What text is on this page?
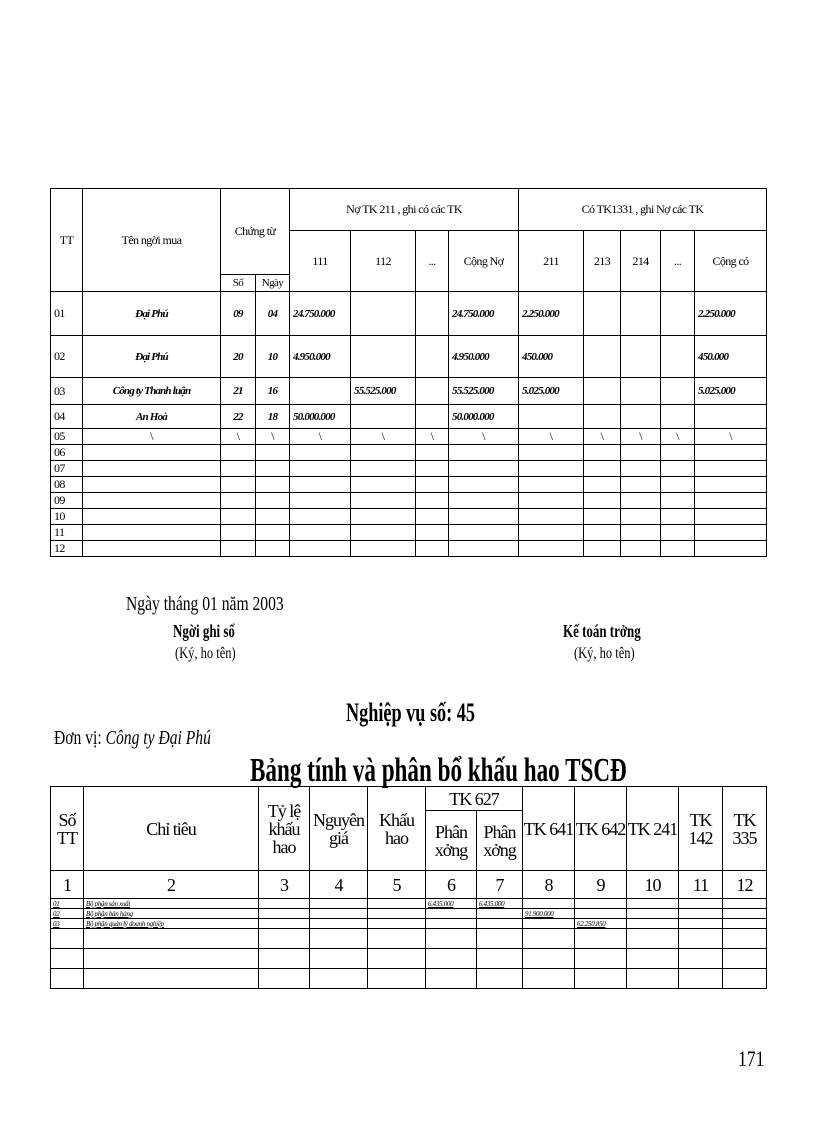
TT	Tên ngời mua	Chứng từ		Nợ TK 211 , ghi có các TK				Có TK1331 , ghi Nợ các TK				
				111	112	...	Cộng Nợ	211	213	214	...	Cộng có
		Số	Ngày									
01	Đại Phú	09	04	24.750.000			24.750.000	2.250.000				2.250.000
02	Đại Phú	20	10	4.950.000			4.950.000	450.000				450.000
03	Công ty Thanh luận	21	16		55.525.000		55.525.000	5.025.000				5.025.000
04	An Hoà	22	18	50.000.000			50.000.000					
05	\	\	\	\	\	\	\	\	\	\	\	\
06												
07												
08												
09												
10												
11												
12												
Ngày tháng 01 năm 2003
Ngời ghi sổ
(Ký, ho tên)
Kế toán trởng
(Ký, ho tên)
Nghiệp vụ số: 45
Đơn vị: Công ty Đại Phú
Bảng tính và phân bổ khấu hao TSCĐ
Số TT	Chỉ tiêu	Tỷ lệ khấu hao	Nguyên giá	Khấu hao	TK 627		TK 641	TK 642	TK 241	TK 142	TK 335
					Phân xởng	Phân xởng					
1	2	3	4	5	6	7	8	9	10	11	12
01	Bộ phận sản xuất				6.435.000	6.435.000					
02	Bộ phận bán hàng						91.900.000				
03	Bộ phận quản lý doanh nghiệp							62.250.850			

171
